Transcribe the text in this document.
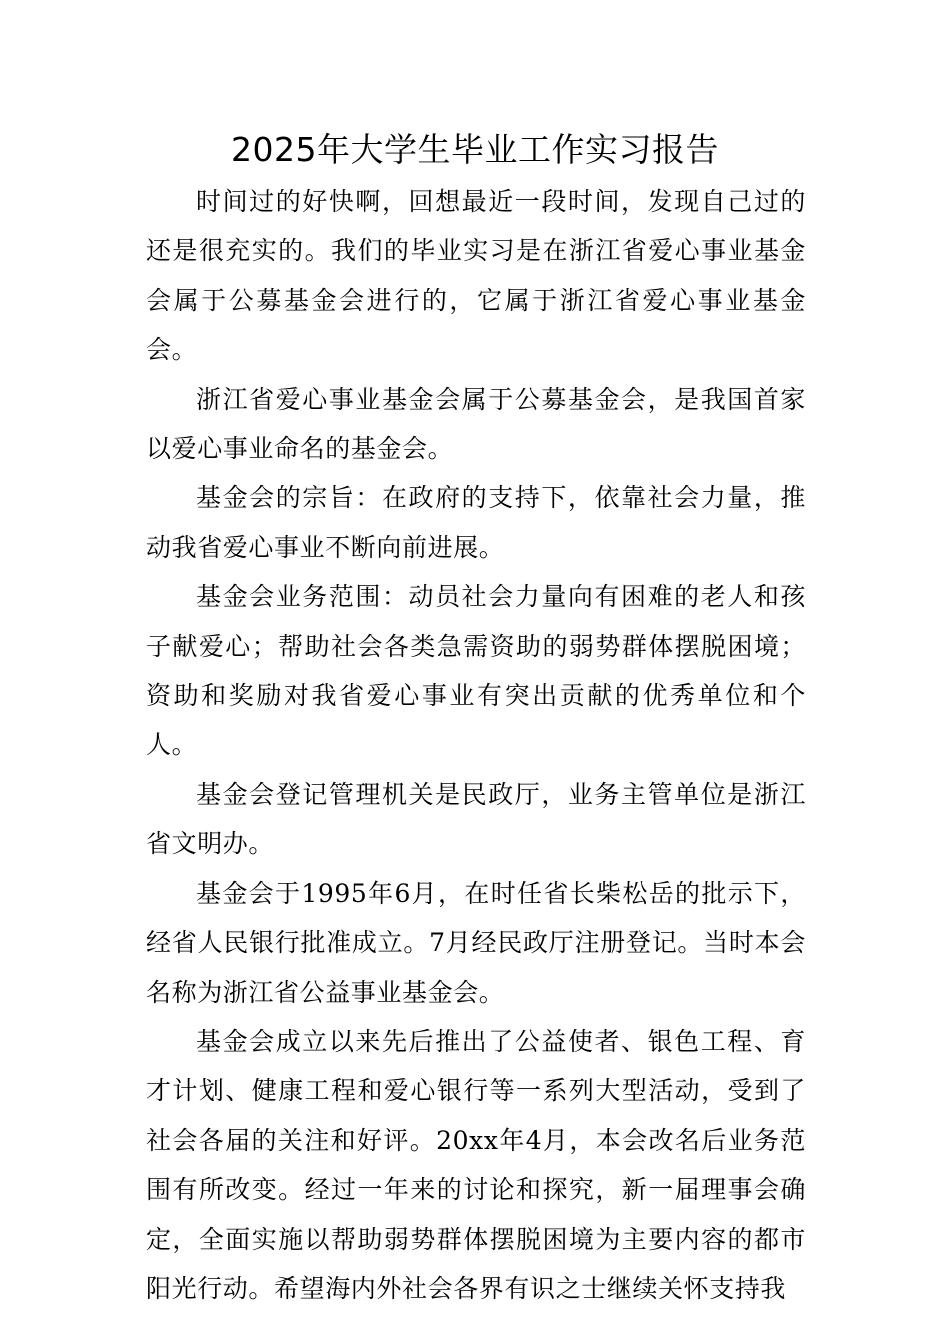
2025年大学生毕业工作实习报告

时间过的好快啊，回想最近一段时间，发现自己过的还是很充实的。我们的毕业实习是在浙江省爱心事业基金会属于公募基金会进行的，它属于浙江省爱心事业基金会。

浙江省爱心事业基金会属于公募基金会，是我国首家以爱心事业命名的基金会。

基金会的宗旨：在政府的支持下，依靠社会力量，推动我省爱心事业不断向前进展。

基金会业务范围：动员社会力量向有困难的老人和孩子献爱心；帮助社会各类急需资助的弱势群体摆脱困境；资助和奖励对我省爱心事业有突出贡献的优秀单位和个人。

基金会登记管理机关是民政厅，业务主管单位是浙江省文明办。

基金会于1995年6月，在时任省长柴松岳的批示下，经省人民银行批准成立。7月经民政厅注册登记。当时本会名称为浙江省公益事业基金会。

基金会成立以来先后推出了公益使者、银色工程、育才计划、健康工程和爱心银行等一系列大型活动，受到了社会各届的关注和好评。20xx年4月，本会改名后业务范围有所改变。经过一年来的讨论和探究，新一届理事会确定，全面实施以帮助弱势群体摆脱困境为主要内容的都市阳光行动。希望海内外社会各界有识之士继续关怀支持我
